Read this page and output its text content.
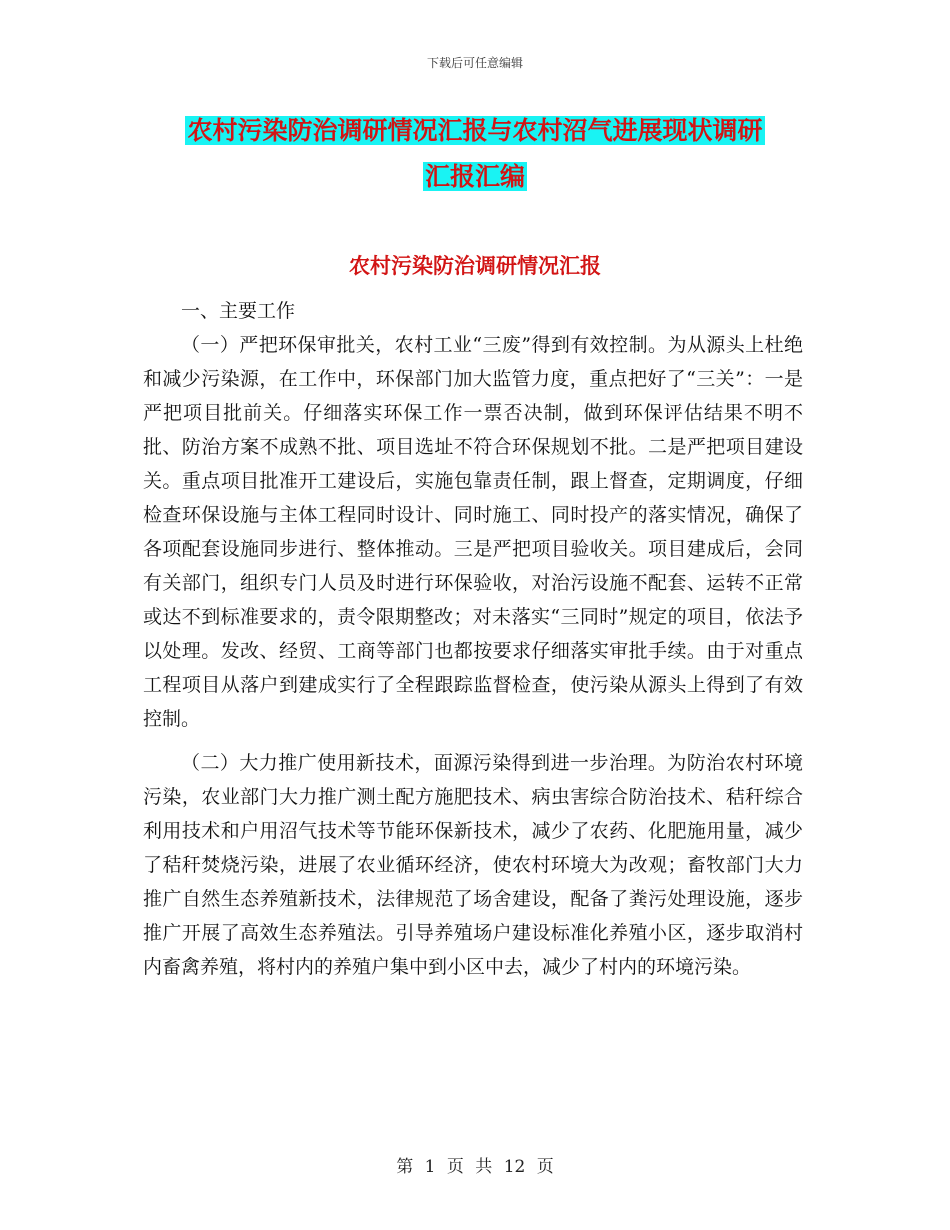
下载后可任意编辑
农村污染防治调研情况汇报与农村沼气进展现状调研
汇报汇编
农村污染防治调研情况汇报

一、主要工作

（一）严把环保审批关，农村工业“三废”得到有效控制。为从源头上杜绝和减少污染源，在工作中，环保部门加大监管力度，重点把好了“三关”：一是严把项目批前关。仔细落实环保工作一票否决制，做到环保评估结果不明不批、防治方案不成熟不批、项目选址不符合环保规划不批。二是严把项目建设关。重点项目批准开工建设后，实施包靠责任制，跟上督查，定期调度，仔细检查环保设施与主体工程同时设计、同时施工、同时投产的落实情况，确保了各项配套设施同步进行、整体推动。三是严把项目验收关。项目建成后，会同有关部门，组织专门人员及时进行环保验收，对治污设施不配套、运转不正常或达不到标准要求的，责令限期整改；对未落实“三同时”规定的项目，依法予以处理。发改、经贸、工商等部门也都按要求仔细落实审批手续。由于对重点工程项目从落户到建成实行了全程跟踪监督检查，使污染从源头上得到了有效控制。

（二）大力推广使用新技术，面源污染得到进一步治理。为防治农村环境污染，农业部门大力推广测土配方施肥技术、病虫害综合防治技术、秸秆综合利用技术和户用沼气技术等节能环保新技术，减少了农药、化肥施用量，减少了秸秆焚烧污染，进展了农业循环经济，使农村环境大为改观；畜牧部门大力推广自然生态养殖新技术，法律规范了场舍建设，配备了粪污处理设施，逐步推广开展了高效生态养殖法。引导养殖场户建设标准化养殖小区，逐步取消村内畜禽养殖，将村内的养殖户集中到小区中去，减少了村内的环境污染。

第 1 页 共 12 页
